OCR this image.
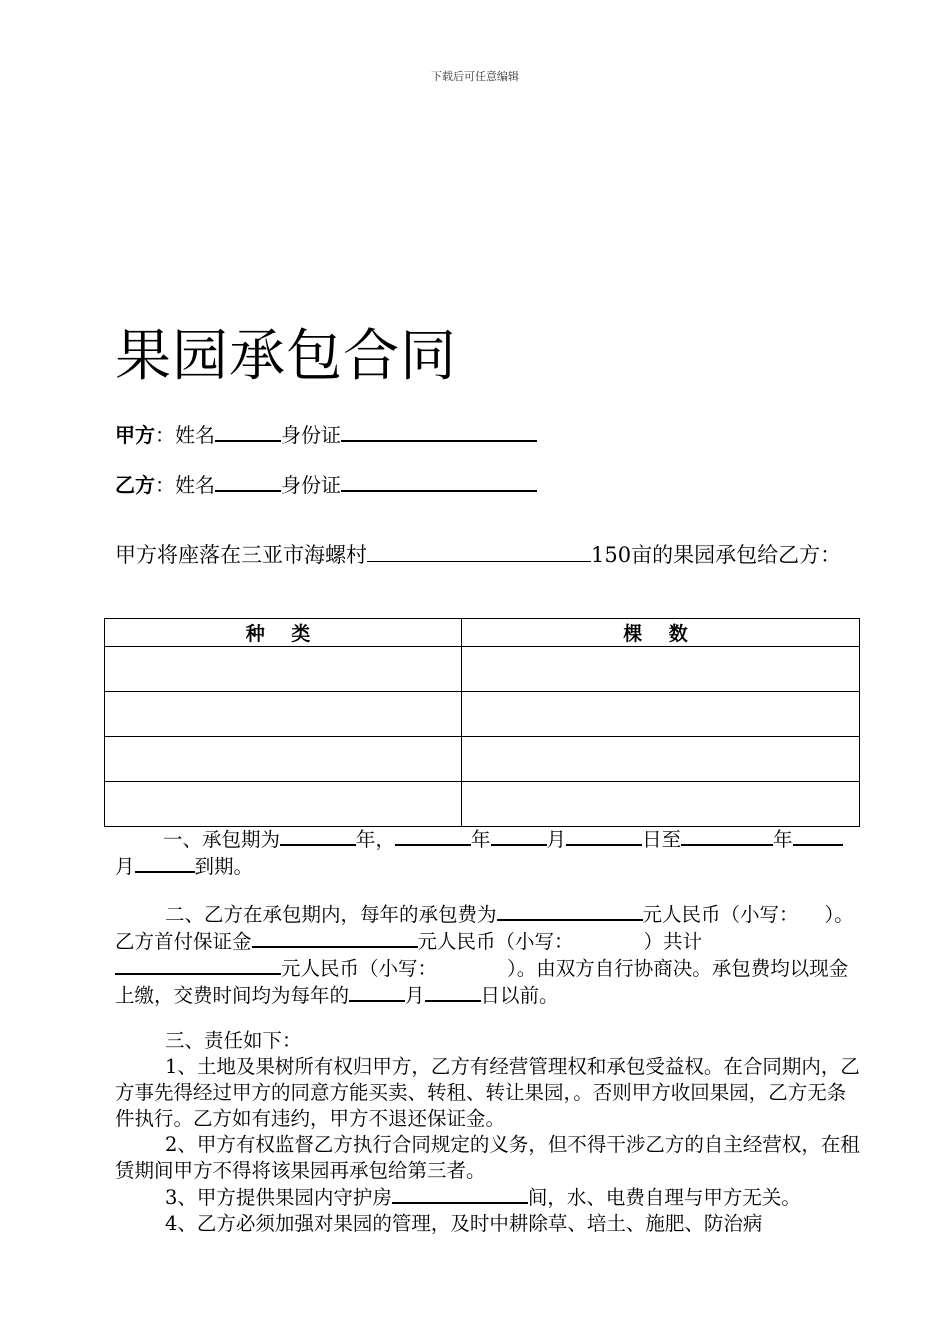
下载后可任意编辑
果园承包合同
甲方：姓名	身份证
乙方：姓名	身份证
甲方将座落在三亚市海螺村	150亩的果园承包给乙方：
种 类	棵 数

一、承包期为	年，	年	月	日至	年月	到期。

二、乙方在承包期内，每年的承包费为	元人民币（小写： ）。乙方首付保证金	元人民币（小写：	）共计元人民币（小写：	）。由双方自行协商决。承包费均以现金上缴，交费时间均为每年的	月	日以前。

三、责任如下：

1、土地及果树所有权归甲方，乙方有经营管理权和承包受益权。在合同期内，乙方事先得经过甲方的同意方能买卖、转租、转让果园，。否则甲方收回果园，乙方无条件执行。乙方如有违约，甲方不退还保证金。

2、甲方有权监督乙方执行合同规定的义务，但不得干涉乙方的自主经营权，在租赁期间甲方不得将该果园再承包给第三者。

3、甲方提供果园内守护房	间，水、电费自理与甲方无关。

4、乙方必须加强对果园的管理，及时中耕除草、培土、施肥、防治病
